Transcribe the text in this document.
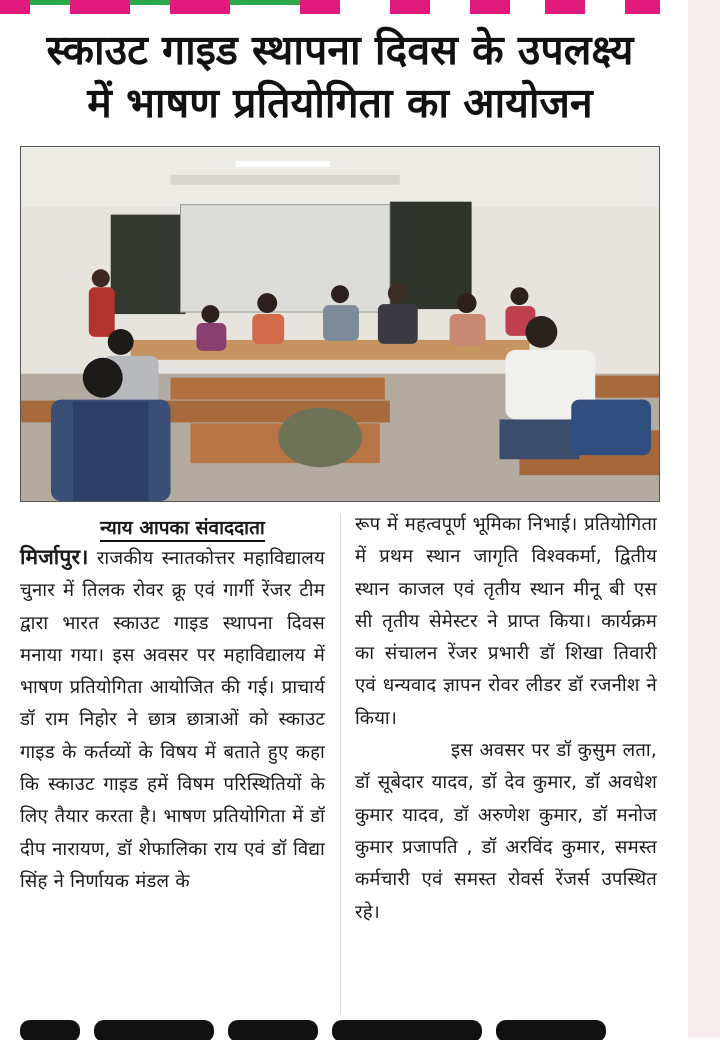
स्काउट गाइड स्थापना दिवस के उपलक्ष्य
में भाषण प्रतियोगिता का आयोजन
न्याय आपका संवाददाता
मिर्जापुर। राजकीय स्नातकोत्तर महाविद्यालय चुनार में तिलक रोवर क्रू एवं गार्गी रेंजर टीम द्वारा भारत स्काउट गाइड स्थापना दिवस मनाया गया। इस अवसर पर महाविद्यालय में भाषण प्रतियोगिता आयोजित की गई। प्राचार्य डॉ राम निहोर ने छात्र छात्राओं को स्काउट गाइड के कर्तव्यों के विषय में बताते हुए कहा कि स्काउट गाइड हमें विषम परिस्थितियों के लिए तैयार करता है। भाषण प्रतियोगिता में डॉ दीप नारायण, डॉ शेफालिका राय एवं डॉ विद्या सिंह ने निर्णायक मंडल के
रूप में महत्वपूर्ण भूमिका निभाई। प्रतियोगिता में प्रथम स्थान जागृति विश्वकर्मा, द्वितीय स्थान काजल एवं तृतीय स्थान मीनू बी एस सी तृतीय सेमेस्टर ने प्राप्त किया। कार्यक्रम का संचालन रेंजर प्रभारी डॉ शिखा तिवारी एवं धन्यवाद ज्ञापन रोवर लीडर डॉ रजनीश ने किया।
इस अवसर पर डॉ कुसुम लता, डॉ सूबेदार यादव, डॉ देव कुमार, डॉ अवधेश कुमार यादव, डॉ अरुणेश कुमार, डॉ मनोज कुमार प्रजापति , डॉ अरविंद कुमार, समस्त कर्मचारी एवं समस्त रोवर्स रेंजर्स उपस्थित रहे।
